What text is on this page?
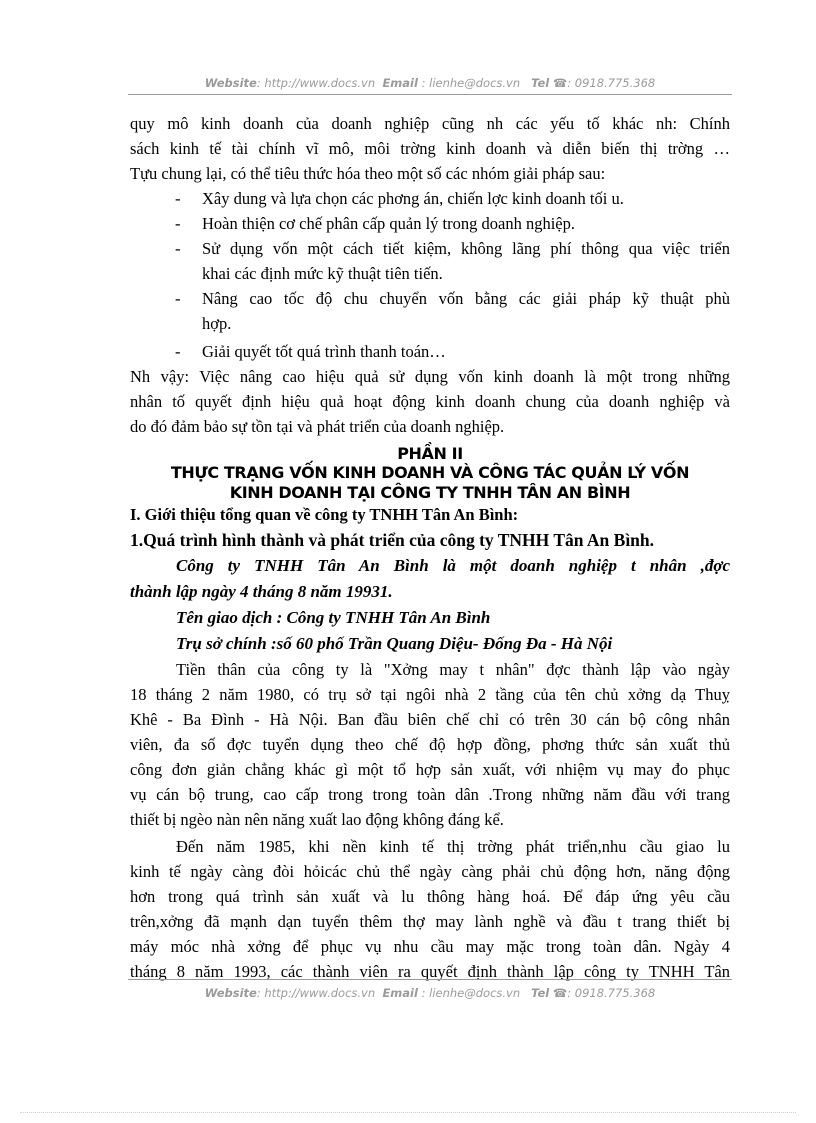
Website: http://www.docs.vn Email : lienhe@docs.vn Tel ☎: 0918.775.368
quy mô kinh doanh của doanh nghiệp cũng nh các yếu tố khác nh: Chính
sách kinh tế tài chính vĩ mô, môi trờng kinh doanh và diễn biến thị trờng …
Tựu chung lại, có thể tiêu thức hóa theo một số các nhóm giải pháp sau:
- Xây dung và lựa chọn các phơng án, chiến lợc kinh doanh tối u.
- Hoàn thiện cơ chế phân cấp quản lý trong doanh nghiệp.
- Sử dụng vốn một cách tiết kiệm, không lãng phí thông qua việc triển
khai các định mức kỹ thuật tiên tiến.
- Nâng cao tốc độ chu chuyển vốn bằng các giải pháp kỹ thuật phù
hợp.
- Giải quyết tốt quá trình thanh toán…
Nh vậy: Việc nâng cao hiệu quả sử dụng vốn kinh doanh là một trong những
nhân tố quyết định hiệu quả hoạt động kinh doanh chung của doanh nghiệp và
do đó đảm bảo sự tồn tại và phát triển của doanh nghiệp.
PHẦN II
THỰC TRẠNG VỐN KINH DOANH VÀ CÔNG TÁC QUẢN LÝ VỐN
KINH DOANH TẠI CÔNG TY TNHH TÂN AN BÌNH
I. Giới thiệu tổng quan về công ty TNHH Tân An Bình:
1.Quá trình hình thành và phát triển của công ty TNHH Tân An Bình.
Công ty TNHH Tân An Bình là một doanh nghiệp t nhân ,đợc
thành lập ngày 4 tháng 8 năm 19931.
Tên giao dịch : Công ty TNHH Tân An Bình
Trụ sở chính :số 60 phố Trần Quang Diệu- Đống Đa - Hà Nội
Tiền thân của công ty là "Xởng may t nhân" đợc thành lập vào ngày
18 tháng 2 năm 1980, có trụ sở tại ngôi nhà 2 tầng của tên chủ xởng dạ Thuỵ
Khê - Ba Đình - Hà Nội. Ban đầu biên chế chỉ có trên 30 cán bộ công nhân
viên, đa số đợc tuyển dụng theo chế độ hợp đồng, phơng thức sản xuất thủ
công đơn giản chẳng khác gì một tổ hợp sản xuất, với nhiệm vụ may đo phục
vụ cán bộ trung, cao cấp trong trong toàn dân .Trong những năm đầu với trang
thiết bị ngèo nàn nên năng xuất lao động không đáng kể.
Đến năm 1985, khi nền kinh tế thị trờng phát triển,nhu cầu giao lu
kinh tế ngày càng đòi hỏicác chủ thể ngày càng phải chủ động hơn, năng động
hơn trong quá trình sản xuất và lu thông hàng hoá. Để đáp ứng yêu cầu
trên,xởng đã mạnh dạn tuyển thêm thợ may lành nghề và đầu t trang thiết bị
máy móc nhà xởng để phục vụ nhu cầu may mặc trong toàn dân. Ngày 4
tháng 8 năm 1993, các thành viên ra quyết định thành lập công ty TNHH Tân
Website: http://www.docs.vn Email : lienhe@docs.vn Tel ☎: 0918.775.368
